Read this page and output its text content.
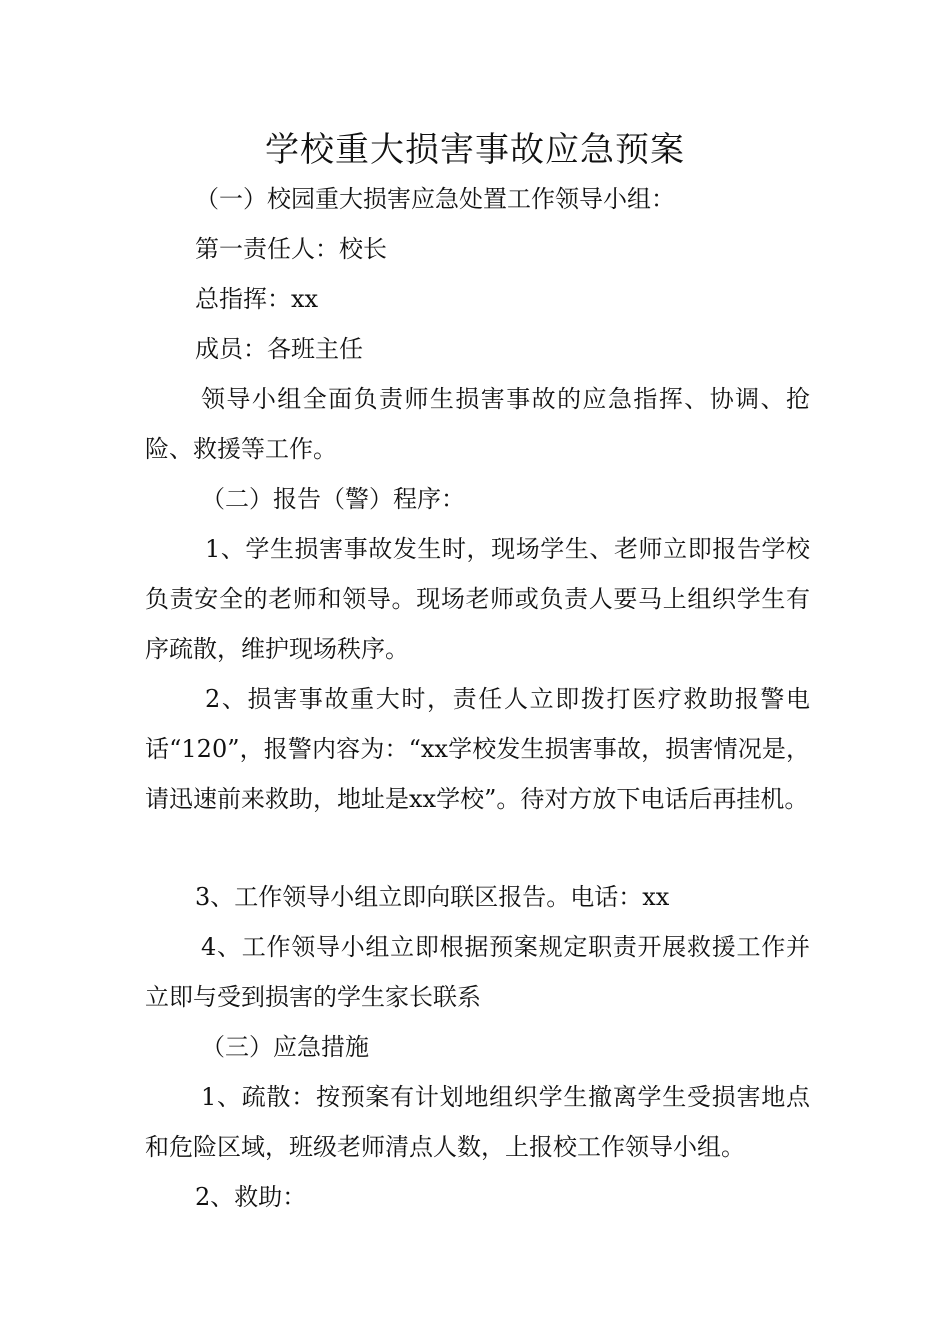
学校重大损害事故应急预案

（一）校园重大损害应急处置工作领导小组：

第一责任人：校长

总指挥：xx

成员：各班主任

领导小组全面负责师生损害事故的应急指挥、协调、抢险、救援等工作。

（二）报告（警）程序：

1、学生损害事故发生时，现场学生、老师立即报告学校负责安全的老师和领导。现场老师或负责人要马上组织学生有序疏散，维护现场秩序。

2、损害事故重大时，责任人立即拨打医疗救助报警电话“120”，报警内容为：“xx学校发生损害事故，损害情况是，请迅速前来救助，地址是xx学校”。待对方放下电话后再挂机。

3、工作领导小组立即向联区报告。电话：xx

4、工作领导小组立即根据预案规定职责开展救援工作并立即与受到损害的学生家长联系

（三）应急措施

1、疏散：按预案有计划地组织学生撤离学生受损害地点和危险区域，班级老师清点人数，上报校工作领导小组。

2、救助：
